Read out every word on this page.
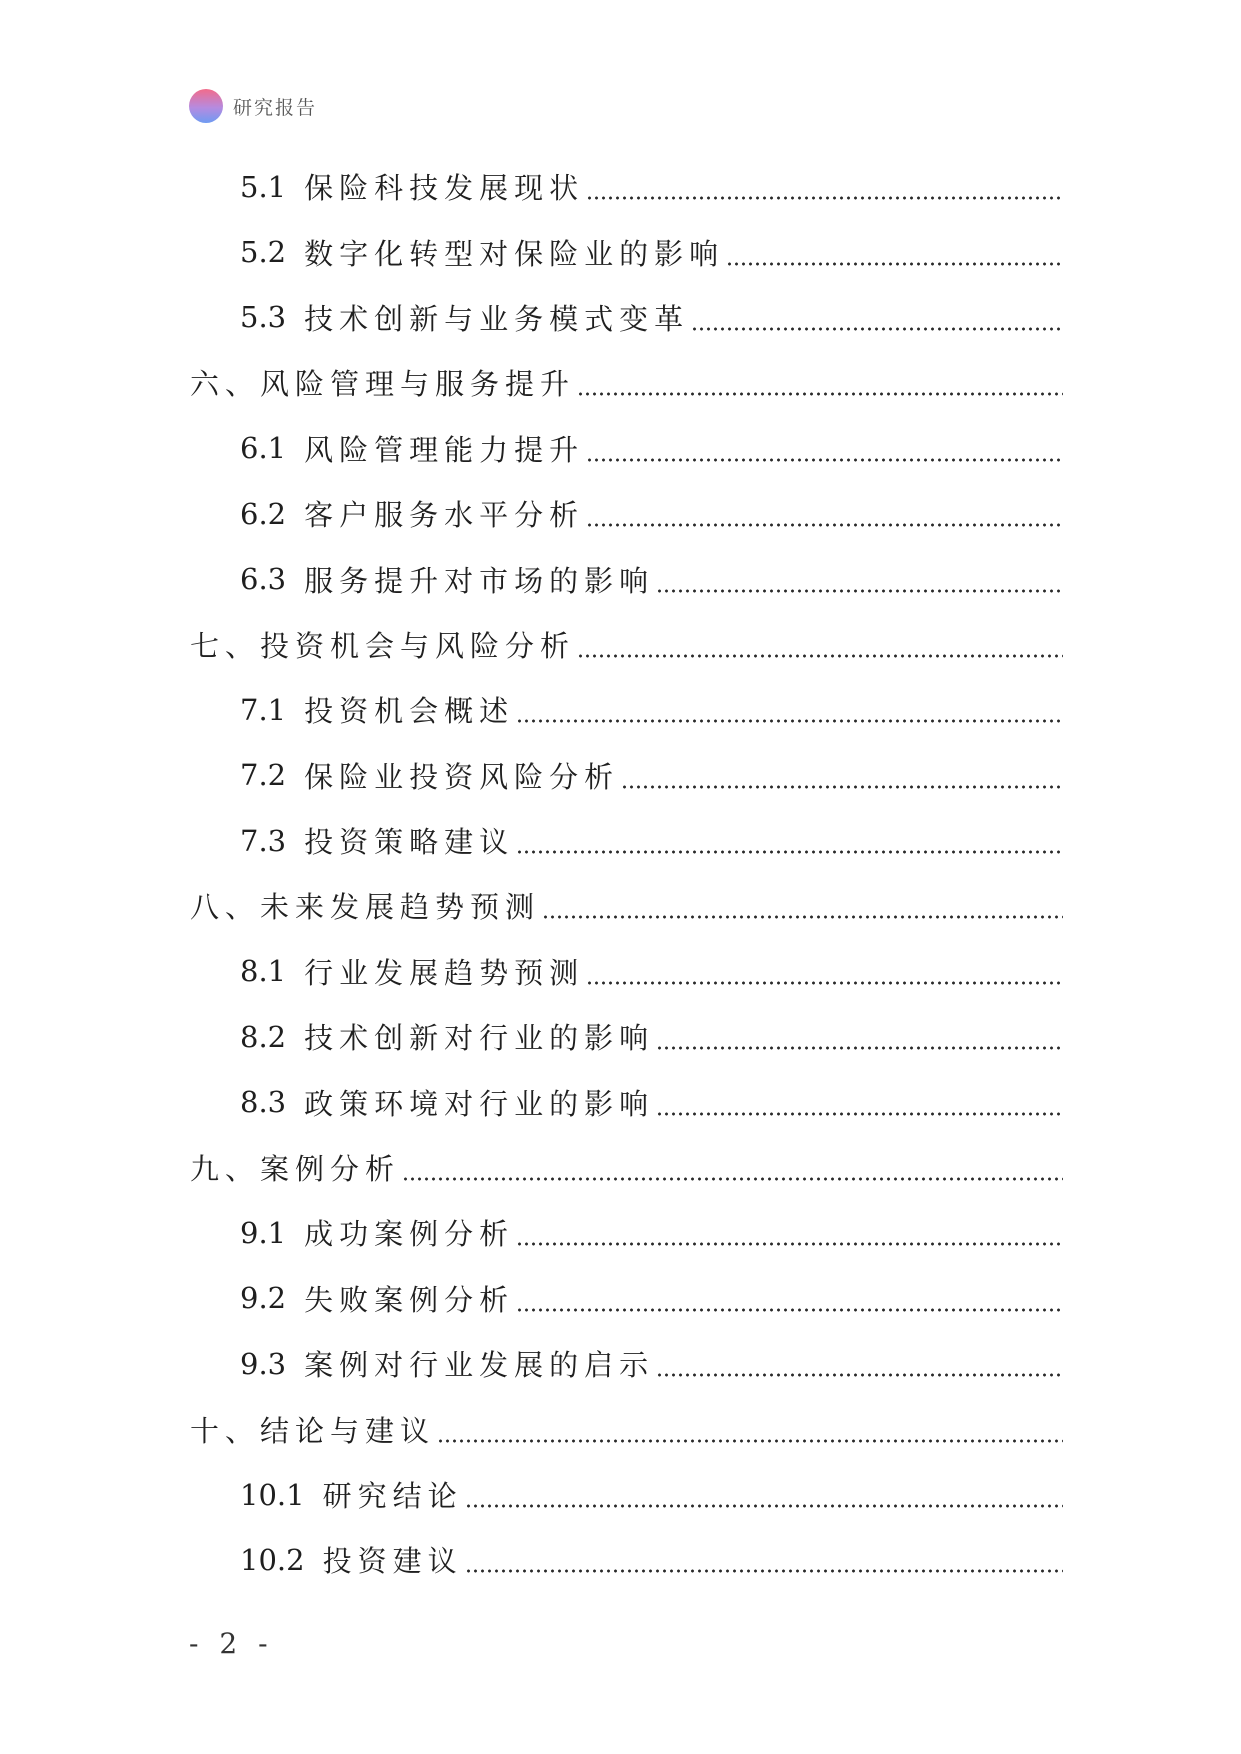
研究报告
5.1 保险科技发展现状
5.2 数字化转型对保险业的影响
5.3 技术创新与业务模式变革
六、风险管理与服务提升
6.1 风险管理能力提升
6.2 客户服务水平分析
6.3 服务提升对市场的影响
七、投资机会与风险分析
7.1 投资机会概述
7.2 保险业投资风险分析
7.3 投资策略建议
八、未来发展趋势预测
8.1 行业发展趋势预测
8.2 技术创新对行业的影响
8.3 政策环境对行业的影响
九、案例分析
9.1 成功案例分析
9.2 失败案例分析
9.3 案例对行业发展的启示
十、结论与建议
10.1 研究结论
10.2 投资建议
- 2 -
